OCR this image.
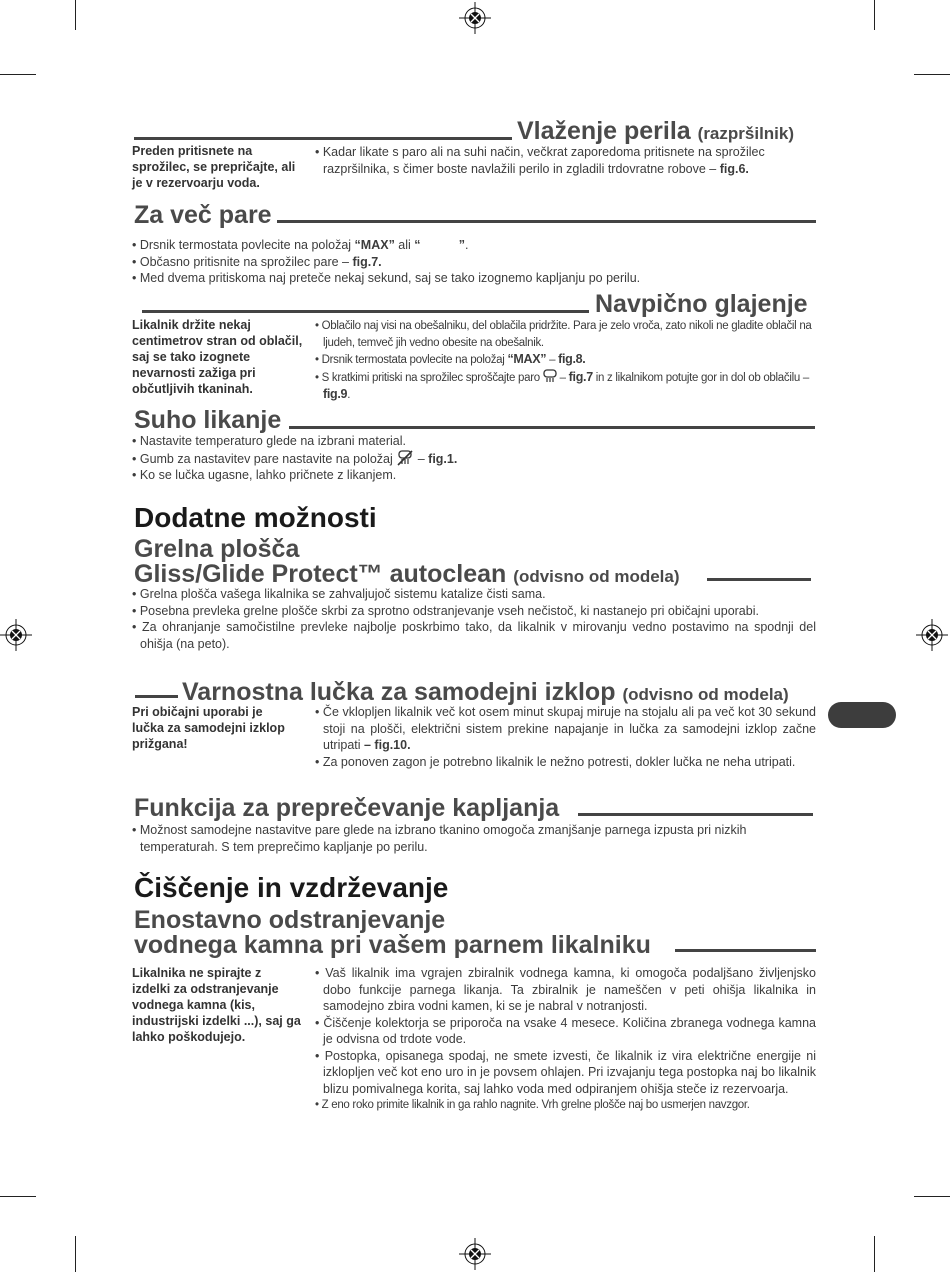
Vlaženje perila (razpršilnik)
Preden pritisnete na sprožilec, se prepričajte, ali je v rezervoarju voda.

• Kadar likate s paro ali na suhi način, večkrat zaporedoma pritisnete na sprožilec razpršilnika, s čimer boste navlažili perilo in zgladili trdovratne robove – fig.6.

Za več pare

• Drsnik termostata povlecite na položaj “MAX” ali “	”.

• Občasno pritisnite na sprožilec pare – fig.7.

• Med dvema pritiskoma naj preteče nekaj sekund, saj se tako izognemo kapljanju po perilu.

Navpično glajenje
Likalnik držite nekaj centimetrov stran od oblačil, saj se tako izognete nevarnosti zažiga pri občutljivih tkaninah.

• Oblačilo naj visi na obešalniku, del oblačila pridržite. Para je zelo vroča, zato nikoli ne gladite oblačil na ljudeh, temveč jih vedno obesite na obešalnik.

• Drsnik termostata povlecite na položaj “MAX” – fig.8.

• S kratkimi pritiski na sprožilec sproščajte paro  – fig.7 in z likalnikom potujte gor in dol ob oblačilu – fig.9.

Suho likanje

• Nastavite temperaturo glede na izbrani material.

• Gumb za nastavitev pare nastavite na položaj  – fig.1.

• Ko se lučka ugasne, lahko pričnete z likanjem.

Dodatne možnosti
Grelna plošča
Gliss/Glide Protect™ autoclean (odvisno od modela)

• Grelna plošča vašega likalnika se zahvaljujoč sistemu katalize čisti sama.

• Posebna prevleka grelne plošče skrbi za sprotno odstranjevanje vseh nečistoč, ki nastanejo pri običajni uporabi.

• Za ohranjanje samočistilne prevleke najbolje poskrbimo tako, da likalnik v mirovanju vedno postavimo na spodnji del ohišja (na peto).

Varnostna lučka za samodejni izklop (odvisno od modela)
Pri običajni uporabi je lučka za samodejni izklop prižgana!

• Če vklopljen likalnik več kot osem minut skupaj miruje na stojalu ali pa več kot 30 sekund stoji na plošči, električni sistem prekine napajanje in lučka za samodejni izklop začne utripati – fig.10.

• Za ponoven zagon je potrebno likalnik le nežno potresti, dokler lučka ne neha utripati.

Funkcija za preprečevanje kapljanja

• Možnost samodejne nastavitve pare glede na izbrano tkanino omogoča zmanjšanje parnega izpusta pri nizkih temperaturah. S tem preprečimo kapljanje po perilu.

Čiščenje in vzdrževanje
Enostavno odstranjevanje
vodnega kamna pri vašem parnem likalniku
Likalnika ne spirajte z izdelki za odstranjevanje vodnega kamna (kis, industrijski izdelki ...), saj ga lahko poškodujejo.

• Vaš likalnik ima vgrajen zbiralnik vodnega kamna, ki omogoča podaljšano življenjsko dobo funkcije parnega likanja. Ta zbiralnik je nameščen v peti ohišja likalnika in samodejno zbira vodni kamen, ki se je nabral v notranjosti.

• Čiščenje kolektorja se priporoča na vsake 4 mesece. Količina zbranega vodnega kamna je odvisna od trdote vode.

• Postopka, opisanega spodaj, ne smete izvesti, če likalnik iz vira električne energije ni izklopljen več kot eno uro in je povsem ohlajen. Pri izvajanju tega postopka naj bo likalnik blizu pomivalnega korita, saj lahko voda med odpiranjem ohišja steče iz rezervoarja.

• Z eno roko primite likalnik in ga rahlo nagnite. Vrh grelne plošče naj bo usmerjen navzgor.
